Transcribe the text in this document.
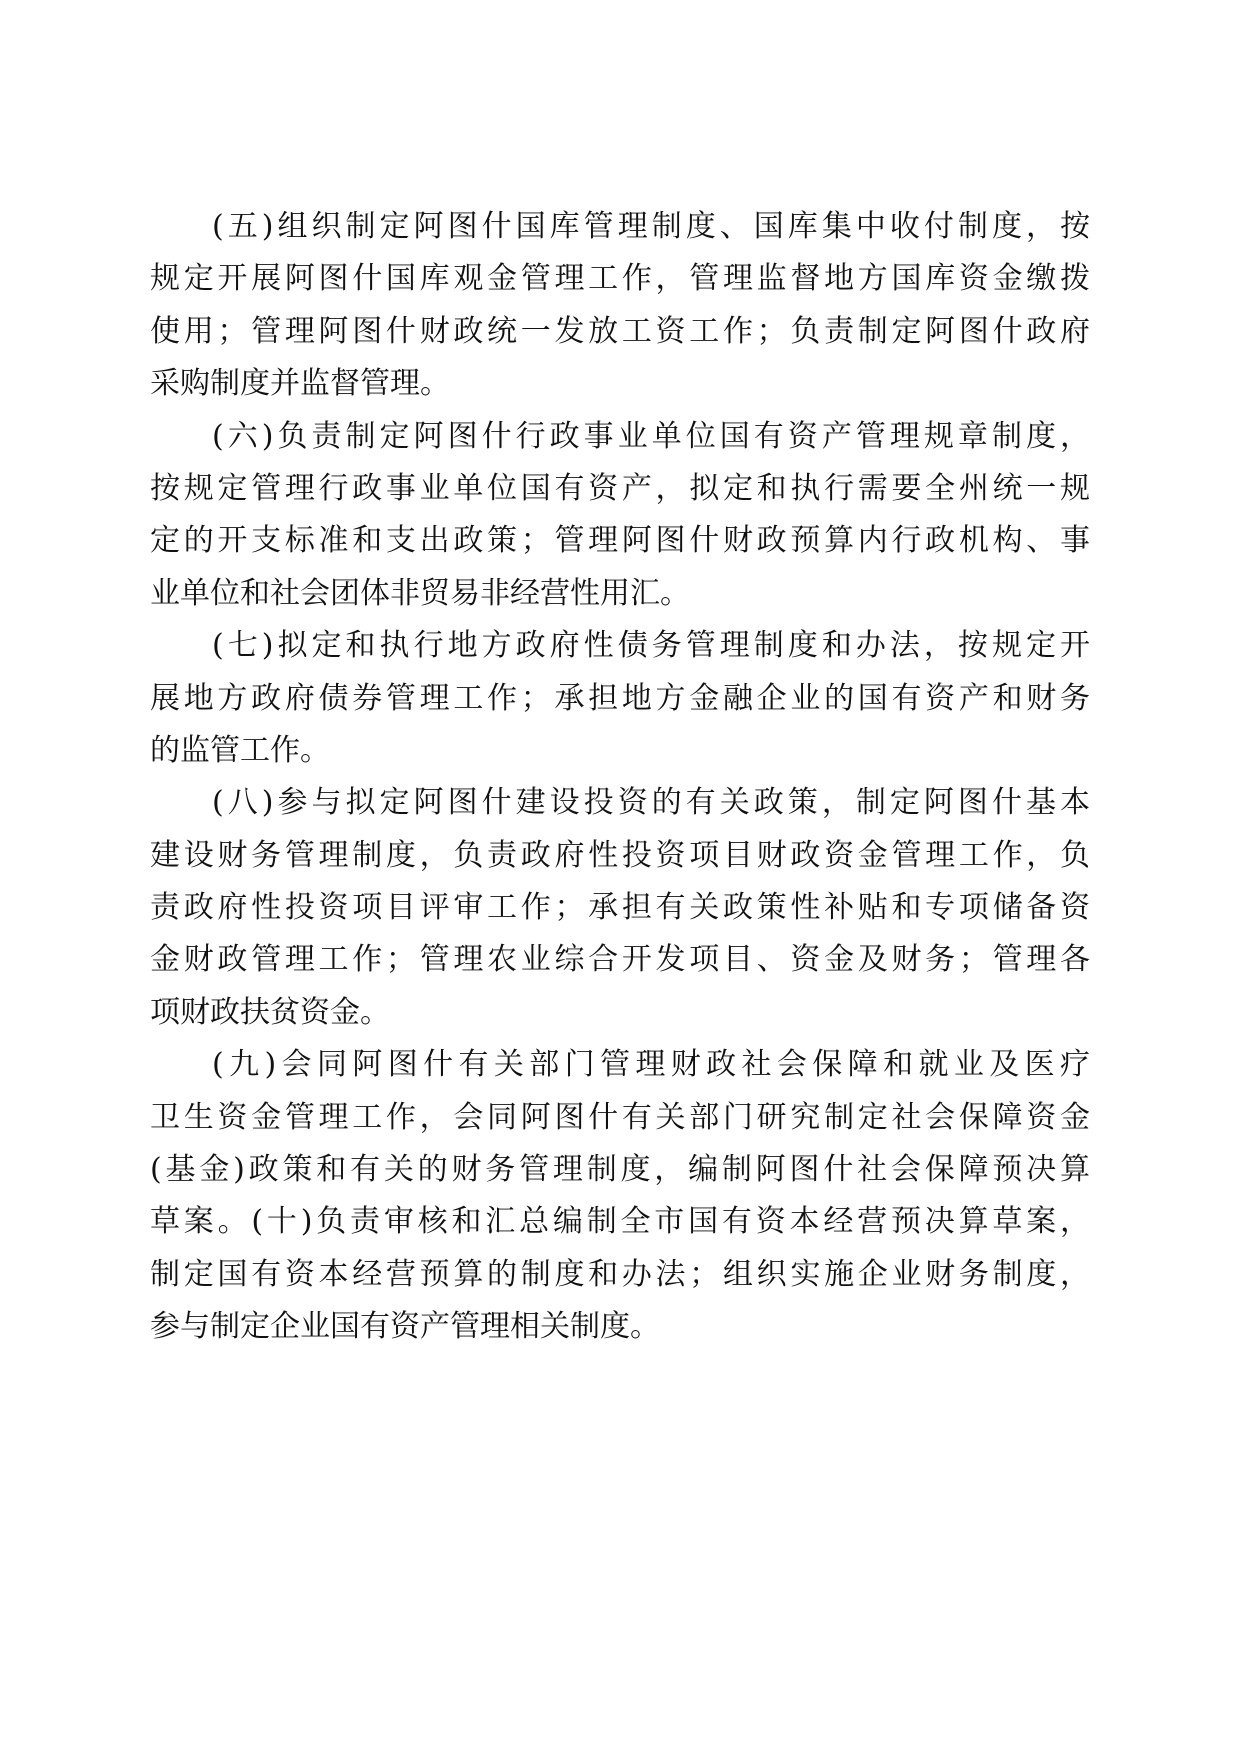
(五)组织制定阿图什国库管理制度、国库集中收付制度，按
规定开展阿图什国库观金管理工作，管理监督地方国库资金缴拨
使用；管理阿图什财政统一发放工资工作；负责制定阿图什政府
采购制度并监督管理。
(六)负责制定阿图什行政事业单位国有资产管理规章制度，
按规定管理行政事业单位国有资产，拟定和执行需要全州统一规
定的开支标准和支出政策；管理阿图什财政预算内行政机构、事
业单位和社会团体非贸易非经营性用汇。
(七)拟定和执行地方政府性债务管理制度和办法，按规定开
展地方政府债券管理工作；承担地方金融企业的国有资产和财务
的监管工作。
(八)参与拟定阿图什建设投资的有关政策，制定阿图什基本
建设财务管理制度，负责政府性投资项目财政资金管理工作，负
责政府性投资项目评审工作；承担有关政策性补贴和专项储备资
金财政管理工作；管理农业综合开发项目、资金及财务；管理各
项财政扶贫资金。
(九)会同阿图什有关部门管理财政社会保障和就业及医疗
卫生资金管理工作，会同阿图什有关部门研究制定社会保障资金
(基金)政策和有关的财务管理制度，编制阿图什社会保障预决算
草案。(十)负责审核和汇总编制全市国有资本经营预决算草案，
制定国有资本经营预算的制度和办法；组织实施企业财务制度，
参与制定企业国有资产管理相关制度。
